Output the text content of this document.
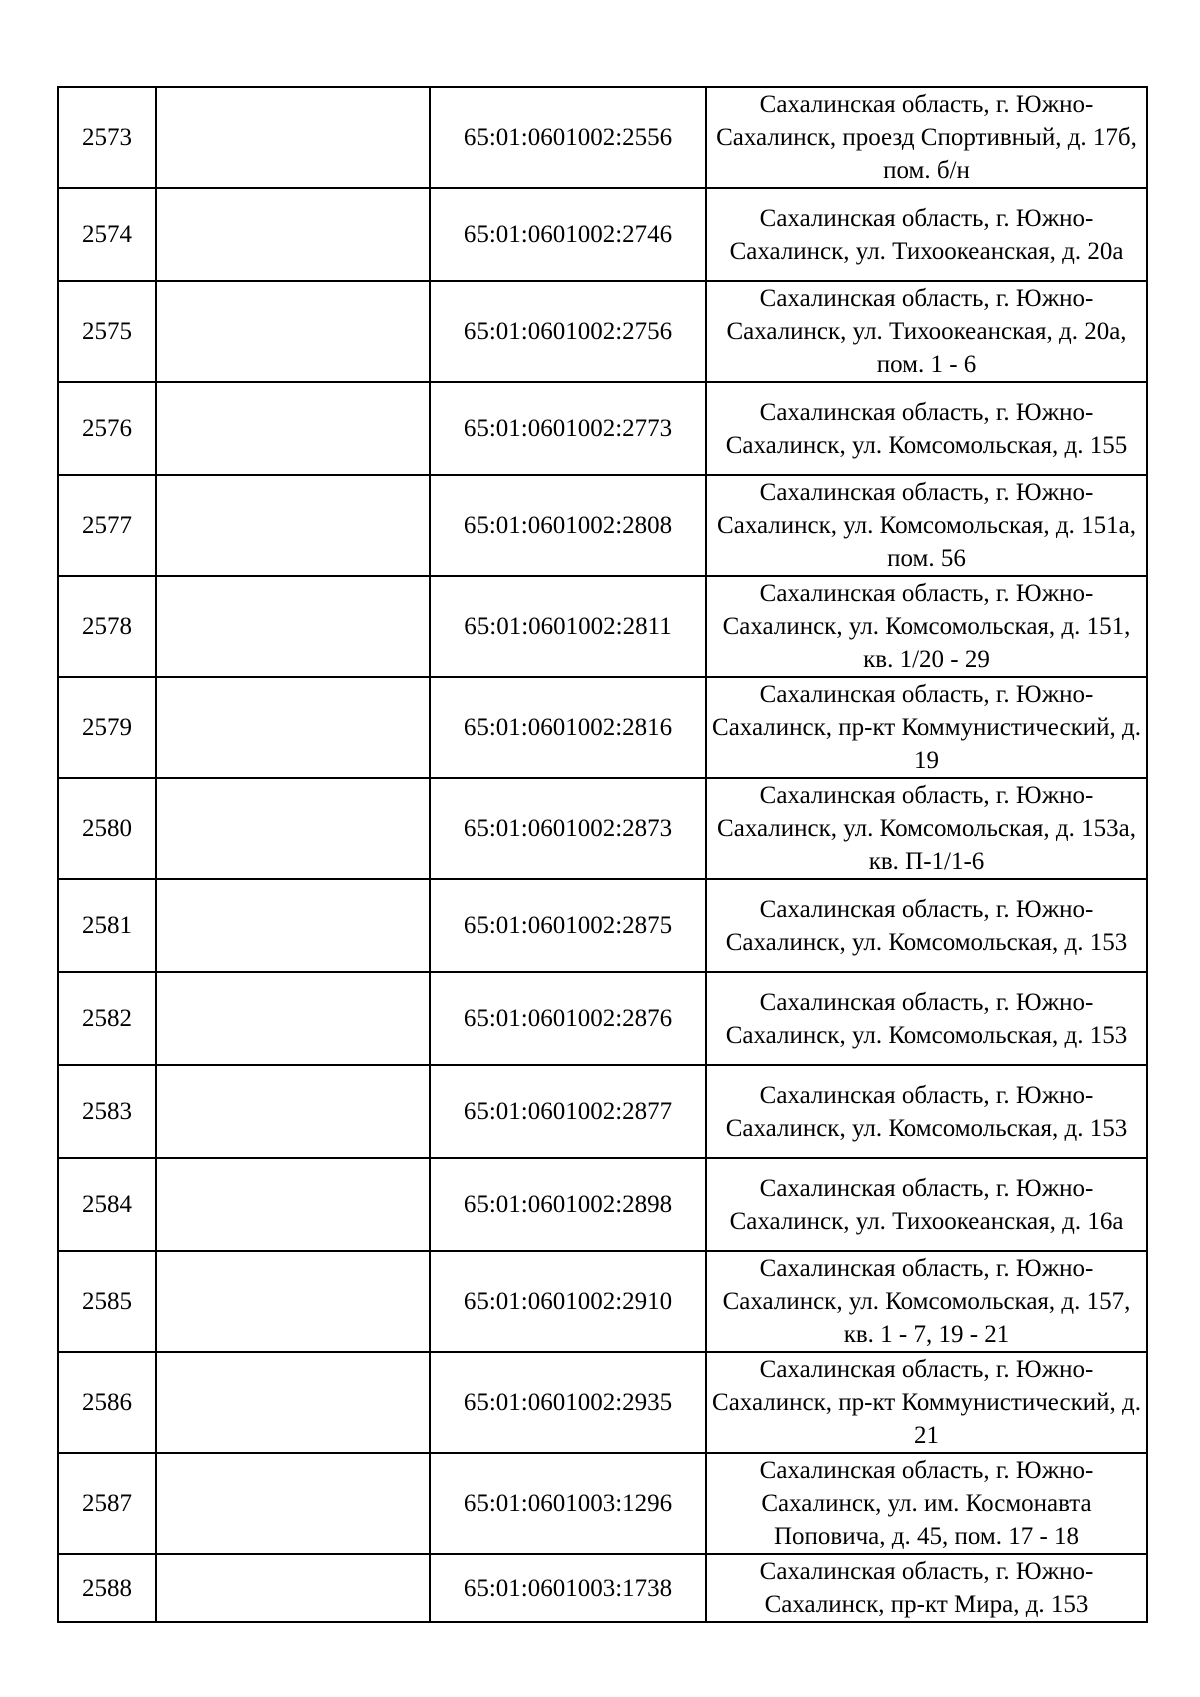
2573		65:01:0601002:2556	Сахалинская область, г. Южно-Сахалинск, проезд Спортивный, д. 17б, пом. б/н
2574		65:01:0601002:2746	Сахалинская область, г. Южно-Сахалинск, ул. Тихоокеанская, д. 20а
2575		65:01:0601002:2756	Сахалинская область, г. Южно-Сахалинск, ул. Тихоокеанская, д. 20а, пом. 1 - 6
2576		65:01:0601002:2773	Сахалинская область, г. Южно-Сахалинск, ул. Комсомольская, д. 155
2577		65:01:0601002:2808	Сахалинская область, г. Южно-Сахалинск, ул. Комсомольская, д. 151а, пом. 56
2578		65:01:0601002:2811	Сахалинская область, г. Южно-Сахалинск, ул. Комсомольская, д. 151, кв. 1/20 - 29
2579		65:01:0601002:2816	Сахалинская область, г. Южно-Сахалинск, пр-кт Коммунистический, д. 19
2580		65:01:0601002:2873	Сахалинская область, г. Южно-Сахалинск, ул. Комсомольская, д. 153а, кв. П-1/1-6
2581		65:01:0601002:2875	Сахалинская область, г. Южно-Сахалинск, ул. Комсомольская, д. 153
2582		65:01:0601002:2876	Сахалинская область, г. Южно-Сахалинск, ул. Комсомольская, д. 153
2583		65:01:0601002:2877	Сахалинская область, г. Южно-Сахалинск, ул. Комсомольская, д. 153
2584		65:01:0601002:2898	Сахалинская область, г. Южно-Сахалинск, ул. Тихоокеанская, д. 16а
2585		65:01:0601002:2910	Сахалинская область, г. Южно-Сахалинск, ул. Комсомольская, д. 157, кв. 1 - 7, 19 - 21
2586		65:01:0601002:2935	Сахалинская область, г. Южно-Сахалинск, пр-кт Коммунистический, д. 21
2587		65:01:0601003:1296	Сахалинская область, г. Южно-Сахалинск, ул. им. Космонавта Поповича, д. 45, пом. 17 - 18
2588		65:01:0601003:1738	Сахалинская область, г. Южно-Сахалинск, пр-кт Мира, д. 153
